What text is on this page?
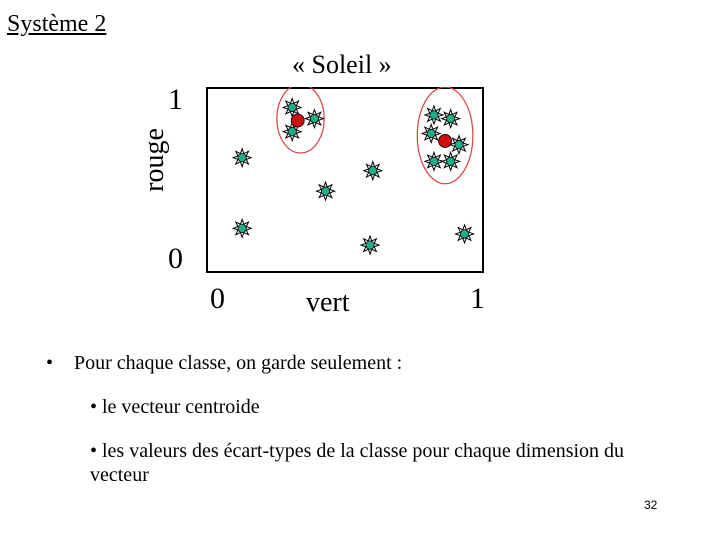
Système 2
« Soleil »
1
0
0	1
vert
rouge
• Pour chaque classe, on garde seulement :
• le vecteur centroide
• les valeurs des écart-types de la classe pour chaque dimension du vecteur
32
